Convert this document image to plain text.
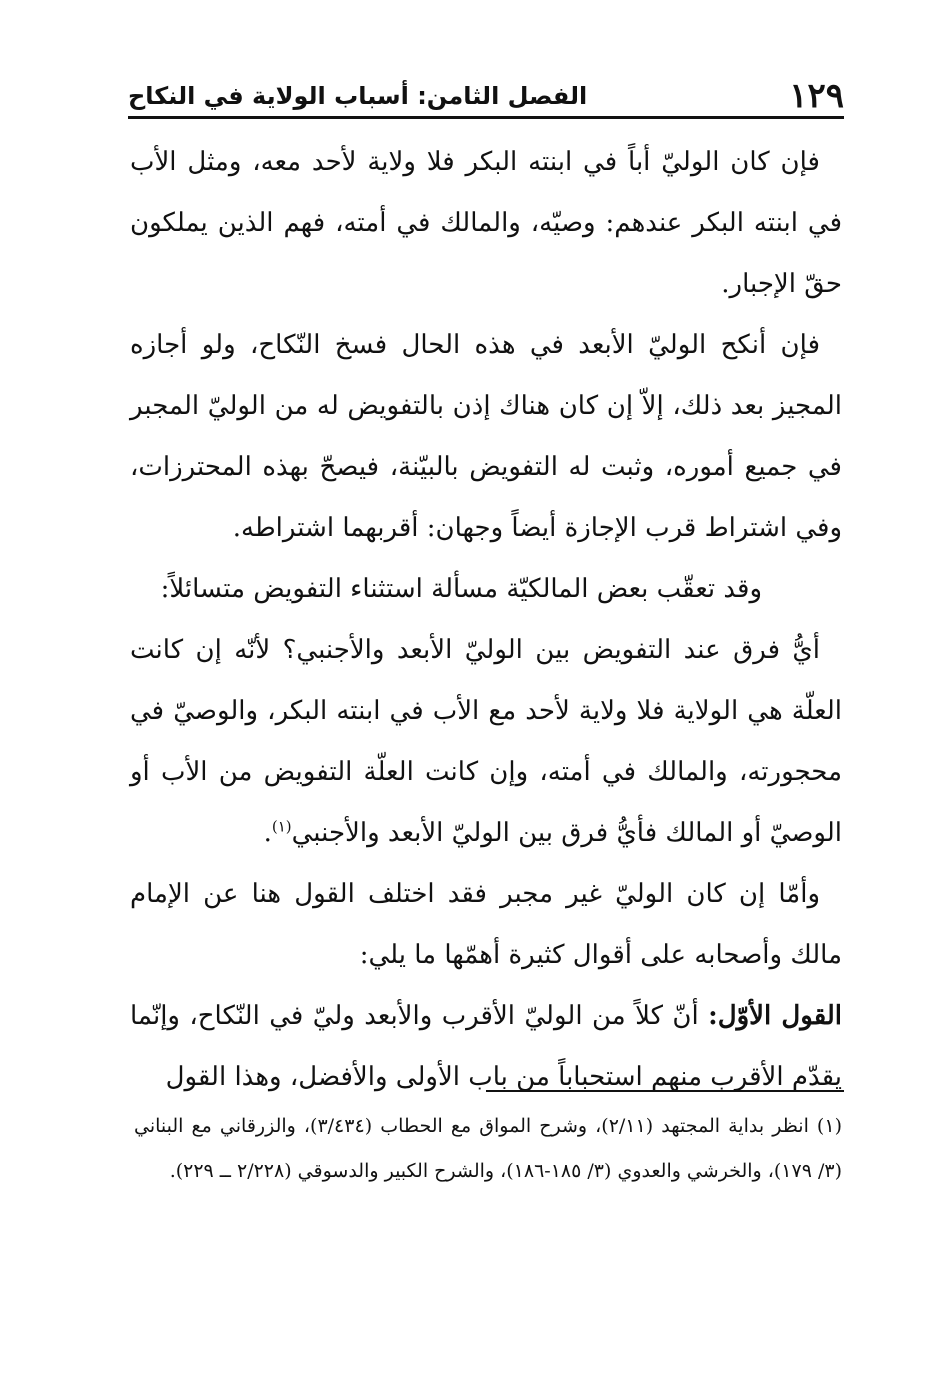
١٢٩
الفصل الثامن: أسباب الولاية في النكاح

فإن كان الوليّ أباً في ابنته البكر فلا ولاية لأحد معه، ومثل الأب في ابنته البكر عندهم: وصيّه، والمالك في أمته، فهم الذين يملكون حقّ الإجبار.

فإن أنكح الوليّ الأبعد في هذه الحال فسخ النّكاح، ولو أجازه المجيز بعد ذلك، إلاّ إن كان هناك إذن بالتفويض له من الوليّ المجبر في جميع أموره، وثبت له التفويض بالبيّنة، فيصحّ بهذه المحترزات، وفي اشتراط قرب الإجازة أيضاً وجهان: أقربهما اشتراطه.

وقد تعقّب بعض المالكيّة مسألة استثناء التفويض متسائلاً:

أيُّ فرق عند التفويض بين الوليّ الأبعد والأجنبي؟ لأنّه إن كانت العلّة هي الولاية فلا ولاية لأحد مع الأب في ابنته البكر، والوصيّ في محجورته، والمالك في أمته، وإن كانت العلّة التفويض من الأب أو الوصيّ أو المالك فأيُّ فرق بين الوليّ الأبعد والأجنبي$^{(١)}$.

وأمّا إن كان الوليّ غير مجبر فقد اختلف القول هنا عن الإمام مالك وأصحابه على أقوال كثيرة أهمّها ما يلي:

القول الأوّل: أنّ كلاً من الوليّ الأقرب والأبعد وليّ في النّكاح، وإنّما يقدّم الأقرب منهم استحباباً من باب الأولى والأفضل، وهذا القول

(١) انظر بداية المجتهد (٢/١١)، وشرح المواق مع الحطاب (٣/٤٣٤)، والزرقاني مع البناني (٣/ ١٧٩)، والخرشي والعدوي (٣/ ١٨٥-١٨٦)، والشرح الكبير والدسوقي (٢/٢٢٨ ــ ٢٢٩).
